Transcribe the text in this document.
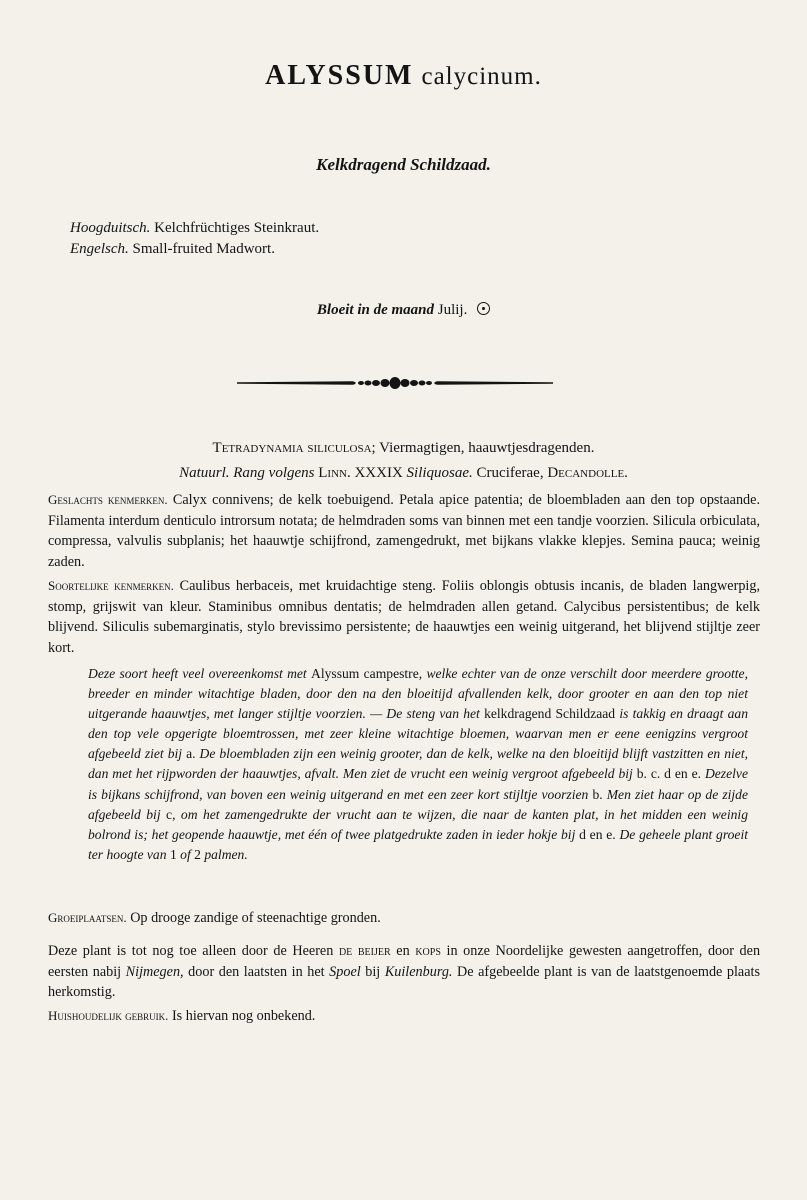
ALYSSUM calycinum.
Kelkdragend Schildzaad.
Hoogduitsch. Kelchfrüchtiges Steinkraut.
Engelsch. Small-fruited Madwort.
Bloeit in de maand Julij.
Tetradynamia siliculosa; Viermagtigen, haauwtjesdragenden.
Natuurl. Rang volgens Linn. XXXIX Siliquosae. Cruciferae, Decandolle.
Geslachts kenmerken. Calyx connivens; de kelk toebuigend. Petala apice patentia; de bloembladen aan den top opstaande. Filamenta interdum denticulo introrsum notata; de helmdraden soms van binnen met een tandje voorzien. Silicula orbiculata, compressa, valvulis subplanis; het haauwtje schijfrond, zamengedrukt, met bijkans vlakke klepjes. Semina pauca; weinig zaden.
Soortelijke kenmerken. Caulibus herbaceis, met kruidachtige steng. Foliis oblongis obtusis incanis, de bladen langwerpig, stomp, grijswit van kleur. Staminibus omnibus dentatis; de helmdraden allen getand. Calycibus persistentibus; de kelk blijvend. Siliculis subemarginatis, stylo brevissimo persistente; de haauwtjes een weinig uitgerand, het blijvend stijltje zeer kort.
Deze soort heeft veel overeenkomst met Alyssum campestre, welke echter van de onze verschilt door meerdere grootte, breeder en minder witachtige bladen, door den na den bloeitijd afvallenden kelk, door grooter en aan den top niet uitgerande haauwtjes, met langer stijltje voorzien. — De steng van het kelkdragend Schildzaad is takkig en draagt aan den top vele opgerigte bloemtrossen, met zeer kleine witachtige bloemen, waarvan men er eene eenigzins vergroot afgebeeld ziet bij a. De bloembladen zijn een weinig grooter, dan de kelk, welke na den bloeitijd blijft vastzitten en niet, dan met het rijpworden der haauwtjes, afvalt. Men ziet de vrucht een weinig vergroot afgebeeld bij b. c. d en e. Dezelve is bijkans schijfrond, van boven een weinig uitgerand en met een zeer kort stijltje voorzien b. Men ziet haar op de zijde afgebeeld bij c, om het zamengedrukte der vrucht aan te wijzen, die naar de kanten plat, in het midden een weinig bolrond is; het geopende haauwtje, met één of twee platgedrukte zaden in ieder hokje bij d en e. De geheele plant groeit ter hoogte van 1 of 2 palmen.
Groeiplaatsen. Op drooge zandige of steenachtige gronden.
Deze plant is tot nog toe alleen door de Heeren de beijer en kops in onze Noordelijke gewesten aangetroffen, door den eersten nabij Nijmegen, door den laatsten in het Spoel bij Kuilenburg. De afgebeelde plant is van de laatstgenoemde plaats herkomstig.
Huishoudelijk gebruik. Is hiervan nog onbekend.
